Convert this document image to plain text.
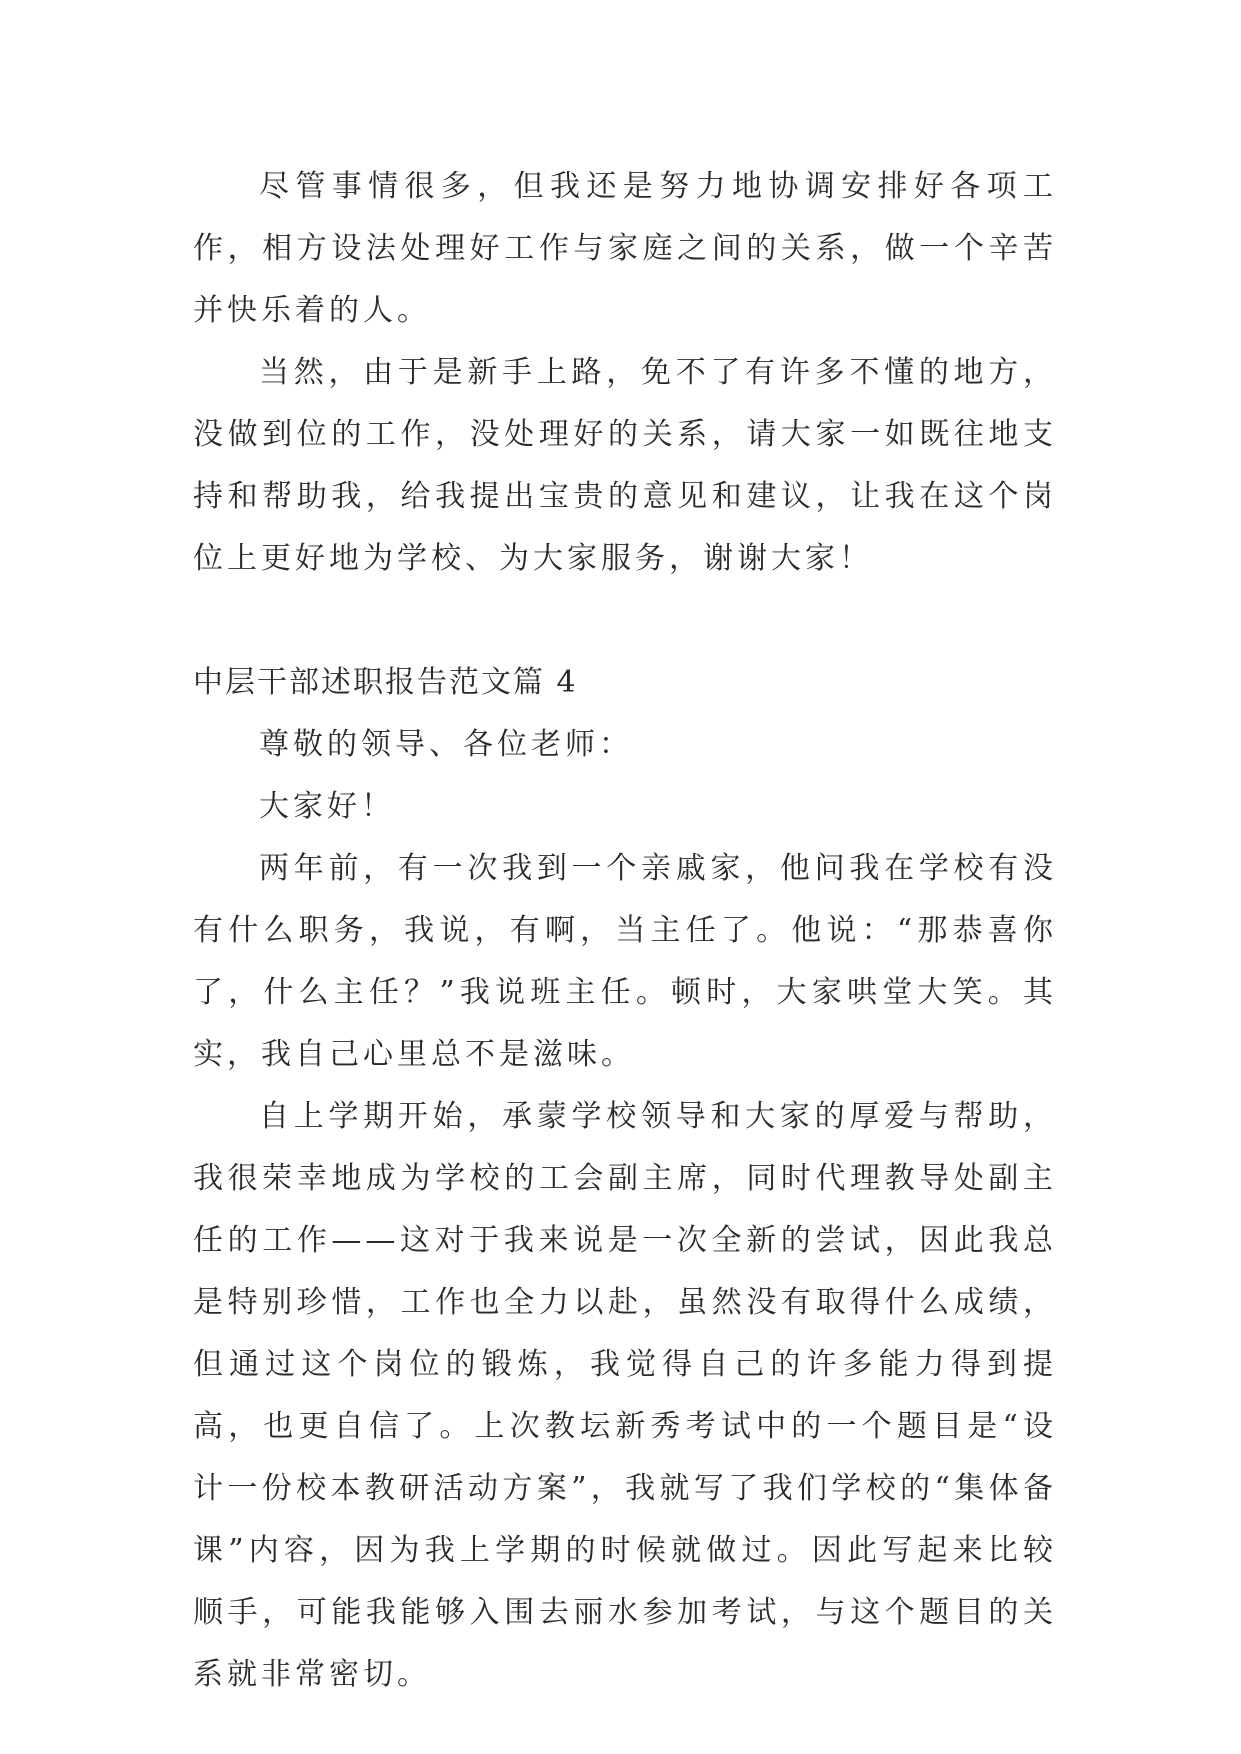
尽管事情很多，但我还是努力地协调安排好各项工作，相方设法处理好工作与家庭之间的关系，做一个辛苦并快乐着的人。

当然，由于是新手上路，免不了有许多不懂的地方，没做到位的工作，没处理好的关系，请大家一如既往地支持和帮助我，给我提出宝贵的意见和建议，让我在这个岗位上更好地为学校、为大家服务，谢谢大家！

中层干部述职报告范文篇 4

尊敬的领导、各位老师：

大家好！

两年前，有一次我到一个亲戚家，他问我在学校有没有什么职务，我说，有啊，当主任了。他说：“那恭喜你了，什么主任？”我说班主任。顿时，大家哄堂大笑。其实，我自己心里总不是滋味。

自上学期开始，承蒙学校领导和大家的厚爱与帮助，我很荣幸地成为学校的工会副主席，同时代理教导处副主任的工作——这对于我来说是一次全新的尝试，因此我总是特别珍惜，工作也全力以赴，虽然没有取得什么成绩，但通过这个岗位的锻炼，我觉得自己的许多能力得到提高，也更自信了。上次教坛新秀考试中的一个题目是“设计一份校本教研活动方案”，我就写了我们学校的“集体备课”内容，因为我上学期的时候就做过。因此写起来比较顺手，可能我能够入围去丽水参加考试，与这个题目的关系就非常密切。
